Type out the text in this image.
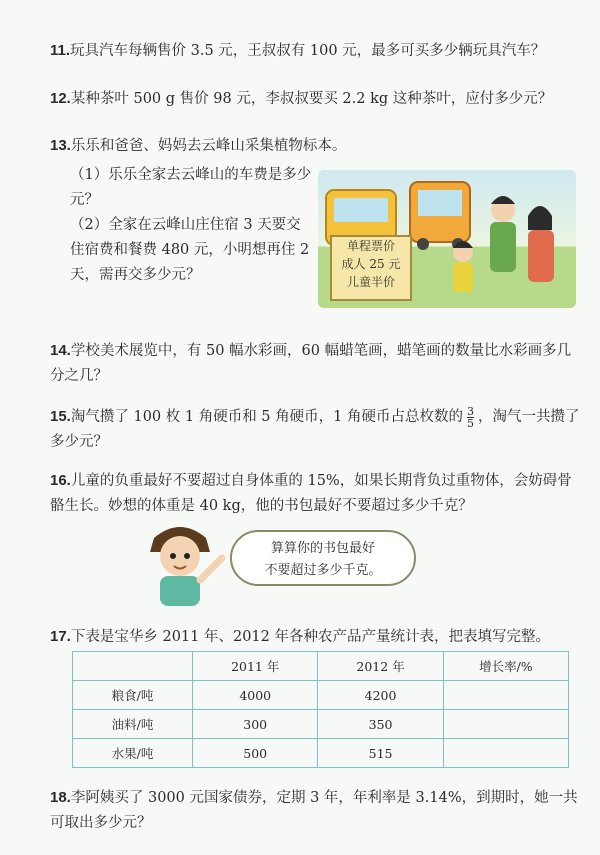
11.玩具汽车每辆售价 3.5 元，王叔叔有 100 元，最多可买多少辆玩具汽车？
12.某种茶叶 500 g 售价 98 元，李叔叔要买 2.2 kg 这种茶叶，应付多少元？
13.乐乐和爸爸、妈妈去云峰山采集植物标本。
（1）乐乐全家去云峰山的车费是多少元？
（2）全家在云峰山庄住宿 3 天要交住宿费和餐费 480 元，小明想再住 2 天，需再交多少元？
单程票价
成人 25 元
儿童半价
14.学校美术展览中，有 50 幅水彩画，60 幅蜡笔画，蜡笔画的数量比水彩画多几分之几？
15.淘气攒了 100 枚 1 角硬币和 5 角硬币，1 角硬币占总枚数的 $\frac{3}{5}$ ，淘气一共攒了多少元？
16.儿童的负重最好不要超过自身体重的 15%，如果长期背负过重物体，会妨碍骨骼生长。妙想的体重是 40 kg，他的书包最好不要超过多少千克？
算算你的书包最好
不要超过多少千克。
17.下表是宝华乡 2011 年、2012 年各种农产品产量统计表，把表填写完整。
	2011 年	2012 年	增长率/%
粮食/吨	4000	4200	
油料/吨	300	350	
水果/吨	500	515	
18.李阿姨买了 3000 元国家债券，定期 3 年，年利率是 3.14%，到期时，她一共可取出多少元？
